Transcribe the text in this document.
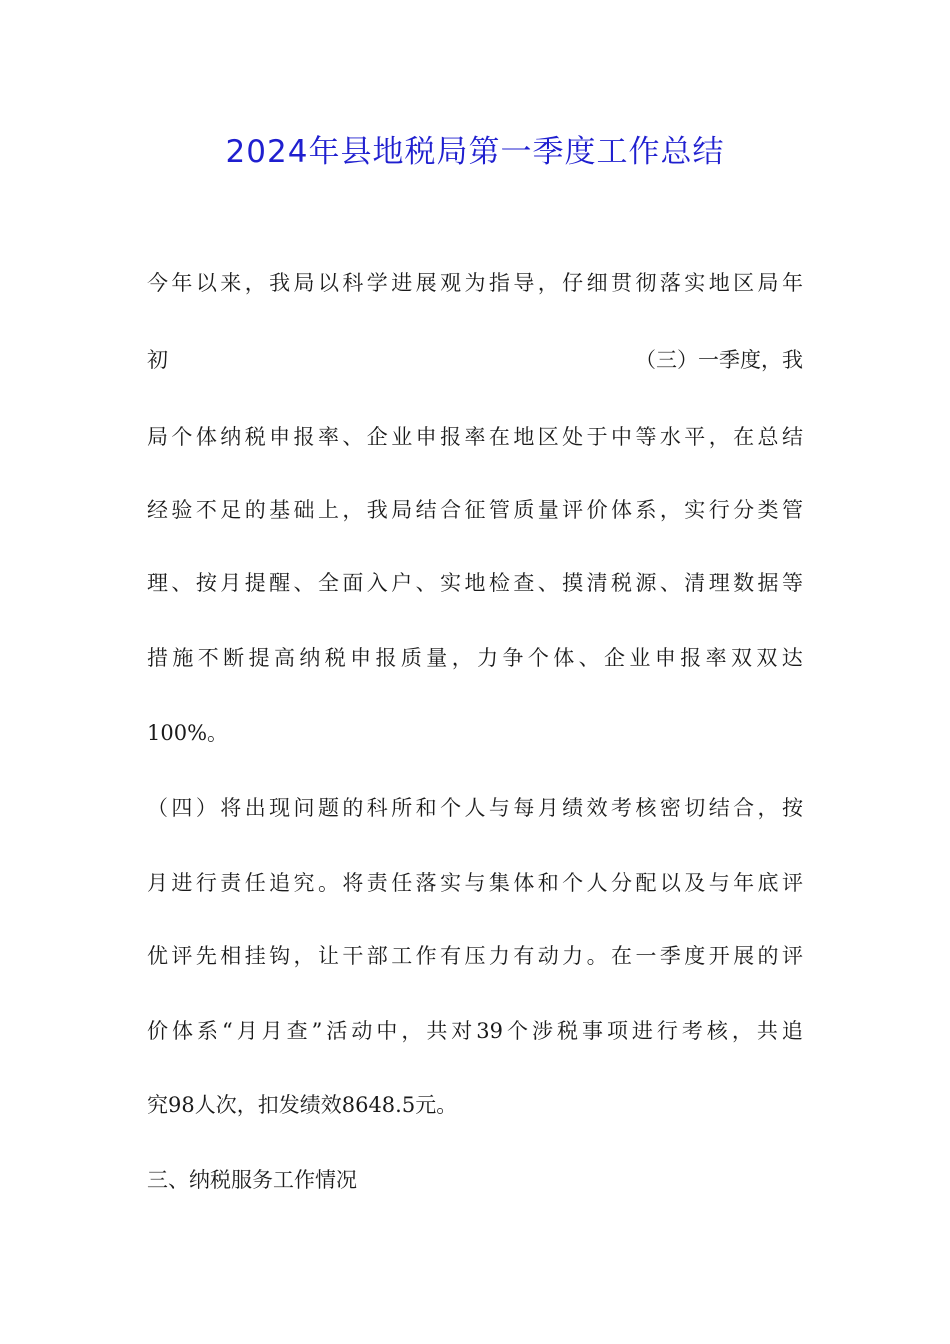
2024年县地税局第一季度工作总结
今 年 以 来 ， 我 局 以 科 学 进 展 观 为 指 导 ， 仔 细 贯 彻 落 实 地 区 局 年
初	（三）一季度，我
局 个 体 纳 税 申 报 率 、 企 业 申 报 率 在 地 区 处 于 中 等 水 平 ， 在 总 结
经 验 不 足 的 基 础 上 ， 我 局 结 合 征 管 质 量 评 价 体 系 ， 实 行 分 类 管
理 、 按 月 提 醒 、 全 面 入 户 、 实 地 检 查 、 摸 清 税 源 、 清 理 数 据 等
措 施 不 断 提 高 纳 税 申 报 质 量 ， 力 争 个 体 、 企 业 申 报 率 双 双 达
100%。
（ 四 ） 将 出 现 问 题 的 科 所 和 个 人 与 每 月 绩 效 考 核 密 切 结 合 ， 按
月 进 行 责 任 追 究 。 将 责 任 落 实 与 集 体 和 个 人 分 配 以 及 与 年 底 评
优 评 先 相 挂 钩 ， 让 干 部 工 作 有 压 力 有 动 力 。 在 一 季 度 开 展 的 评
价 体 系 “ 月 月 查 ” 活 动 中 ， 共 对 39 个 涉 税 事 项 进 行 考 核 ， 共 追
究98人次，扣发绩效8648.5元。
三、纳税服务工作情况
